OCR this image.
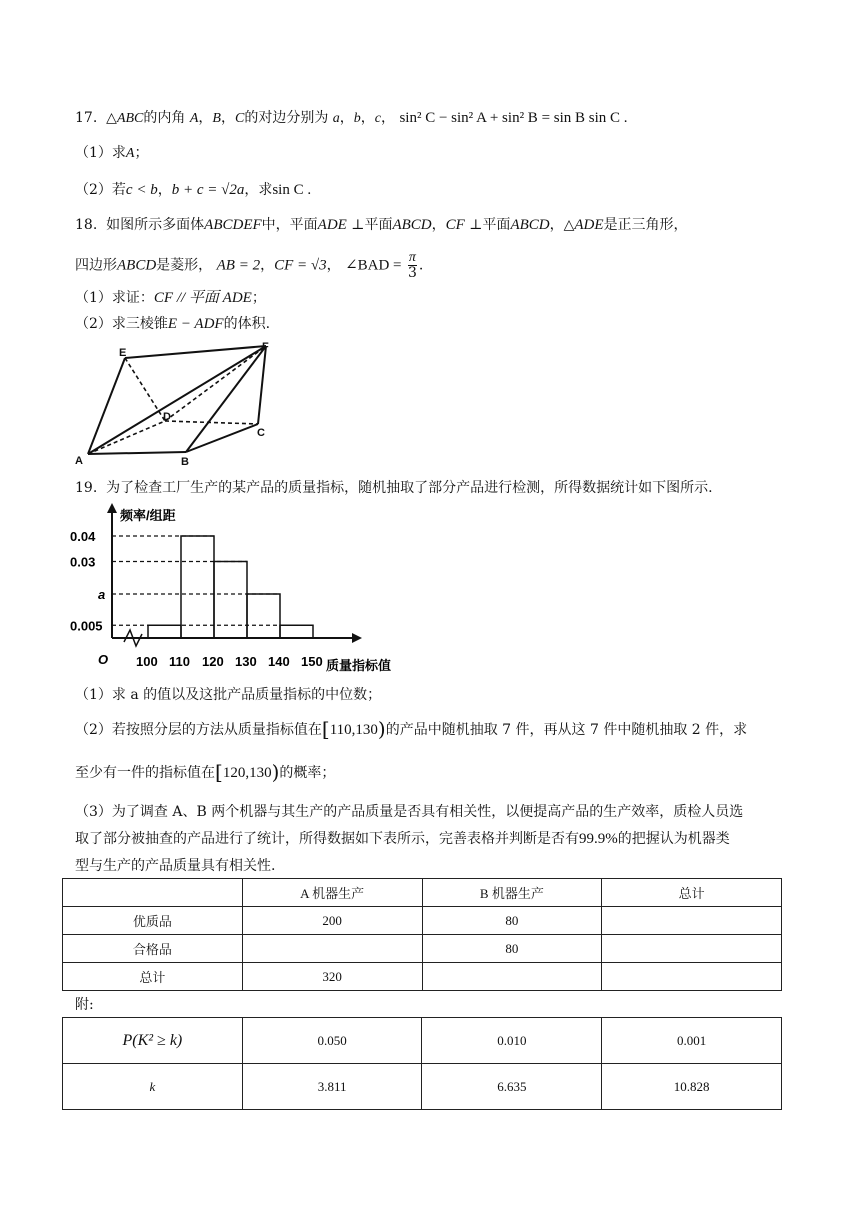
17. △ABC的内角 A，B，C的对边分别为 a，b，c， sin² C − sin² A + sin² B = sin B sin C .
（1）求A；
（2）若c < b，b + c = √2a，求sin C .
18. 如图所示多面体ABCDEF中，平面ADE ⊥平面ABCD，CF ⊥平面ABCD，△ADE是正三角形，
四边形ABCD是菱形， AB = 2，CF = √3， ∠BAD = $\frac{\pi}{3}$ .
（1）求证：CF // 平面 ADE；
（2）求三棱锥E − ADF的体积.
E	F
D
C
A	B
19. 为了检查工厂生产的某产品的质量指标，随机抽取了部分产品进行检测，所得数据统计如下图所示.
频率/组距
质量指标值
O
0.04
0.03
a
0.005
100 110 120 130 140 150
（1）求 a 的值以及这批产品质量指标的中位数；
（2）若按照分层的方法从质量指标值在[110,130)的产品中随机抽取 7 件，再从这 7 件中随机抽取 2 件，求
至少有一件的指标值在[120,130)的概率；
（3）为了调查 A、B 两个机器与其生产的产品质量是否具有相关性，以便提高产品的生产效率，质检人员选
取了部分被抽查的产品进行了统计，所得数据如下表所示，完善表格并判断是否有99.9%的把握认为机器类
型与生产的产品质量具有相关性.
	A 机器生产	B 机器生产	总计
优质品	200	80	
合格品		80	
总计	320		
附:
P(K² ≥ k)	0.050	0.010	0.001
k	3.811	6.635	10.828
